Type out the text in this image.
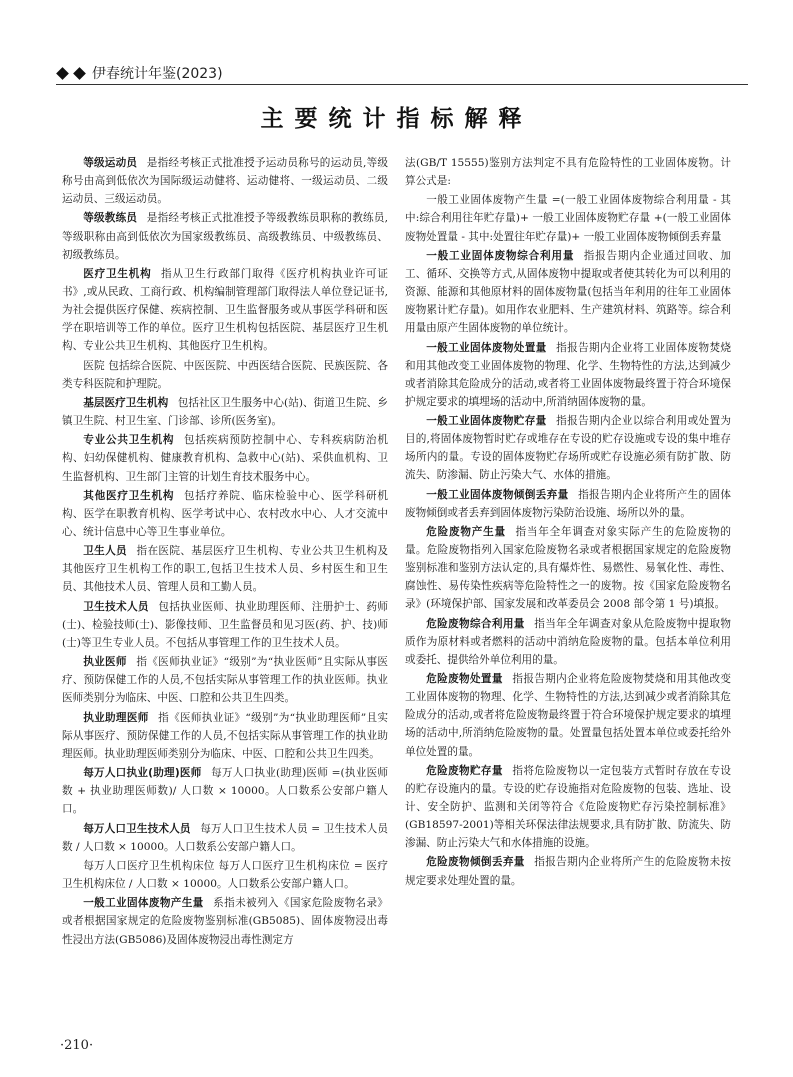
伊春统计年鉴(2023)
主要统计指标解释

等级运动员 是指经考核正式批准授予运动员称号的运动员,等级称号由高到低依次为国际级运动健将、运动健将、一级运动员、二级运动员、三级运动员。

等级教练员 是指经考核正式批准授予等级教练员职称的教练员,等级职称由高到低依次为国家级教练员、高级教练员、中级教练员、初级教练员。

医疗卫生机构 指从卫生行政部门取得《医疗机构执业许可证书》,或从民政、工商行政、机构编制管理部门取得法人单位登记证书,为社会提供医疗保健、疾病控制、卫生监督服务或从事医学科研和医学在职培训等工作的单位。医疗卫生机构包括医院、基层医疗卫生机构、专业公共卫生机构、其他医疗卫生机构。

医院 包括综合医院、中医医院、中西医结合医院、民族医院、各类专科医院和护理院。

基层医疗卫生机构 包括社区卫生服务中心(站)、街道卫生院、乡镇卫生院、村卫生室、门诊部、诊所(医务室)。

专业公共卫生机构 包括疾病预防控制中心、专科疾病防治机构、妇幼保健机构、健康教育机构、急救中心(站)、采供血机构、卫生监督机构、卫生部门主管的计划生育技术服务中心。

其他医疗卫生机构 包括疗养院、临床检验中心、医学科研机构、医学在职教育机构、医学考试中心、农村改水中心、人才交流中心、统计信息中心等卫生事业单位。

卫生人员 指在医院、基层医疗卫生机构、专业公共卫生机构及其他医疗卫生机构工作的职工,包括卫生技术人员、乡村医生和卫生员、其他技术人员、管理人员和工勤人员。

卫生技术人员 包括执业医师、执业助理医师、注册护士、药师(士)、检验技师(士)、影像技师、卫生监督员和见习医(药、护、技)师(士)等卫生专业人员。不包括从事管理工作的卫生技术人员。

执业医师 指《医师执业证》“级别”为“执业医师”且实际从事医疗、预防保健工作的人员,不包括实际从事管理工作的执业医师。执业医师类别分为临床、中医、口腔和公共卫生四类。

执业助理医师 指《医师执业证》“级别”为“执业助理医师”且实际从事医疗、预防保健工作的人员,不包括实际从事管理工作的执业助理医师。执业助理医师类别分为临床、中医、口腔和公共卫生四类。

每万人口执业(助理)医师 每万人口执业(助理)医师 =(执业医师数 + 执业助理医师数)/ 人口数 × 10000。人口数系公安部户籍人口。

每万人口卫生技术人员 每万人口卫生技术人员 = 卫生技术人员数 / 人口数 × 10000。人口数系公安部户籍人口。

每万人口医疗卫生机构床位 每万人口医疗卫生机构床位 = 医疗卫生机构床位 / 人口数 × 10000。人口数系公安部户籍人口。

一般工业固体废物产生量 系指未被列入《国家危险废物名录》或者根据国家规定的危险废物鉴别标准(GB5085)、固体废物浸出毒性浸出方法(GB5086)及固体废物浸出毒性测定方

法(GB/T 15555)鉴别方法判定不具有危险特性的工业固体废物。计算公式是:

一般工业固体废物产生量 =(一般工业固体废物综合利用量 - 其中:综合利用往年贮存量)+ 一般工业固体废物贮存量 +(一般工业固体废物处置量 - 其中:处置往年贮存量)+ 一般工业固体废物倾倒丢弃量

一般工业固体废物综合利用量 指报告期内企业通过回收、加工、循环、交换等方式,从固体废物中提取或者使其转化为可以利用的资源、能源和其他原材料的固体废物量(包括当年利用的往年工业固体废物累计贮存量)。如用作农业肥料、生产建筑材料、筑路等。综合利用量由原产生固体废物的单位统计。

一般工业固体废物处置量 指报告期内企业将工业固体废物焚烧和用其他改变工业固体废物的物理、化学、生物特性的方法,达到减少或者消除其危险成分的活动,或者将工业固体废物最终置于符合环境保护规定要求的填埋场的活动中,所消纳固体废物的量。

一般工业固体废物贮存量 指报告期内企业以综合利用或处置为目的,将固体废物暂时贮存或堆存在专设的贮存设施或专设的集中堆存场所内的量。专设的固体废物贮存场所或贮存设施必须有防扩散、防流失、防渗漏、防止污染大气、水体的措施。

一般工业固体废物倾倒丢弃量 指报告期内企业将所产生的固体废物倾倒或者丢弃到固体废物污染防治设施、场所以外的量。

危险废物产生量 指当年全年调查对象实际产生的危险废物的量。危险废物指列入国家危险废物名录或者根据国家规定的危险废物鉴别标准和鉴别方法认定的,具有爆炸性、易燃性、易氧化性、毒性、腐蚀性、易传染性疾病等危险特性之一的废物。按《国家危险废物名录》(环境保护部、国家发展和改革委员会 2008 部令第 1 号)填报。

危险废物综合利用量 指当年全年调查对象从危险废物中提取物质作为原材料或者燃料的活动中消纳危险废物的量。包括本单位利用或委托、提供给外单位利用的量。

危险废物处置量 指报告期内企业将危险废物焚烧和用其他改变工业固体废物的物理、化学、生物特性的方法,达到减少或者消除其危险成分的活动,或者将危险废物最终置于符合环境保护规定要求的填埋场的活动中,所消纳危险废物的量。处置量包括处置本单位或委托给外单位处置的量。

危险废物贮存量 指将危险废物以一定包装方式暂时存放在专设的贮存设施内的量。专设的贮存设施指对危险废物的包装、选址、设计、安全防护、监测和关闭等符合《危险废物贮存污染控制标准》(GB18597-2001)等相关环保法律法规要求,具有防扩散、防流失、防渗漏、防止污染大气和水体措施的设施。

危险废物倾倒丢弃量 指报告期内企业将所产生的危险废物未按规定要求处理处置的量。

·210·
